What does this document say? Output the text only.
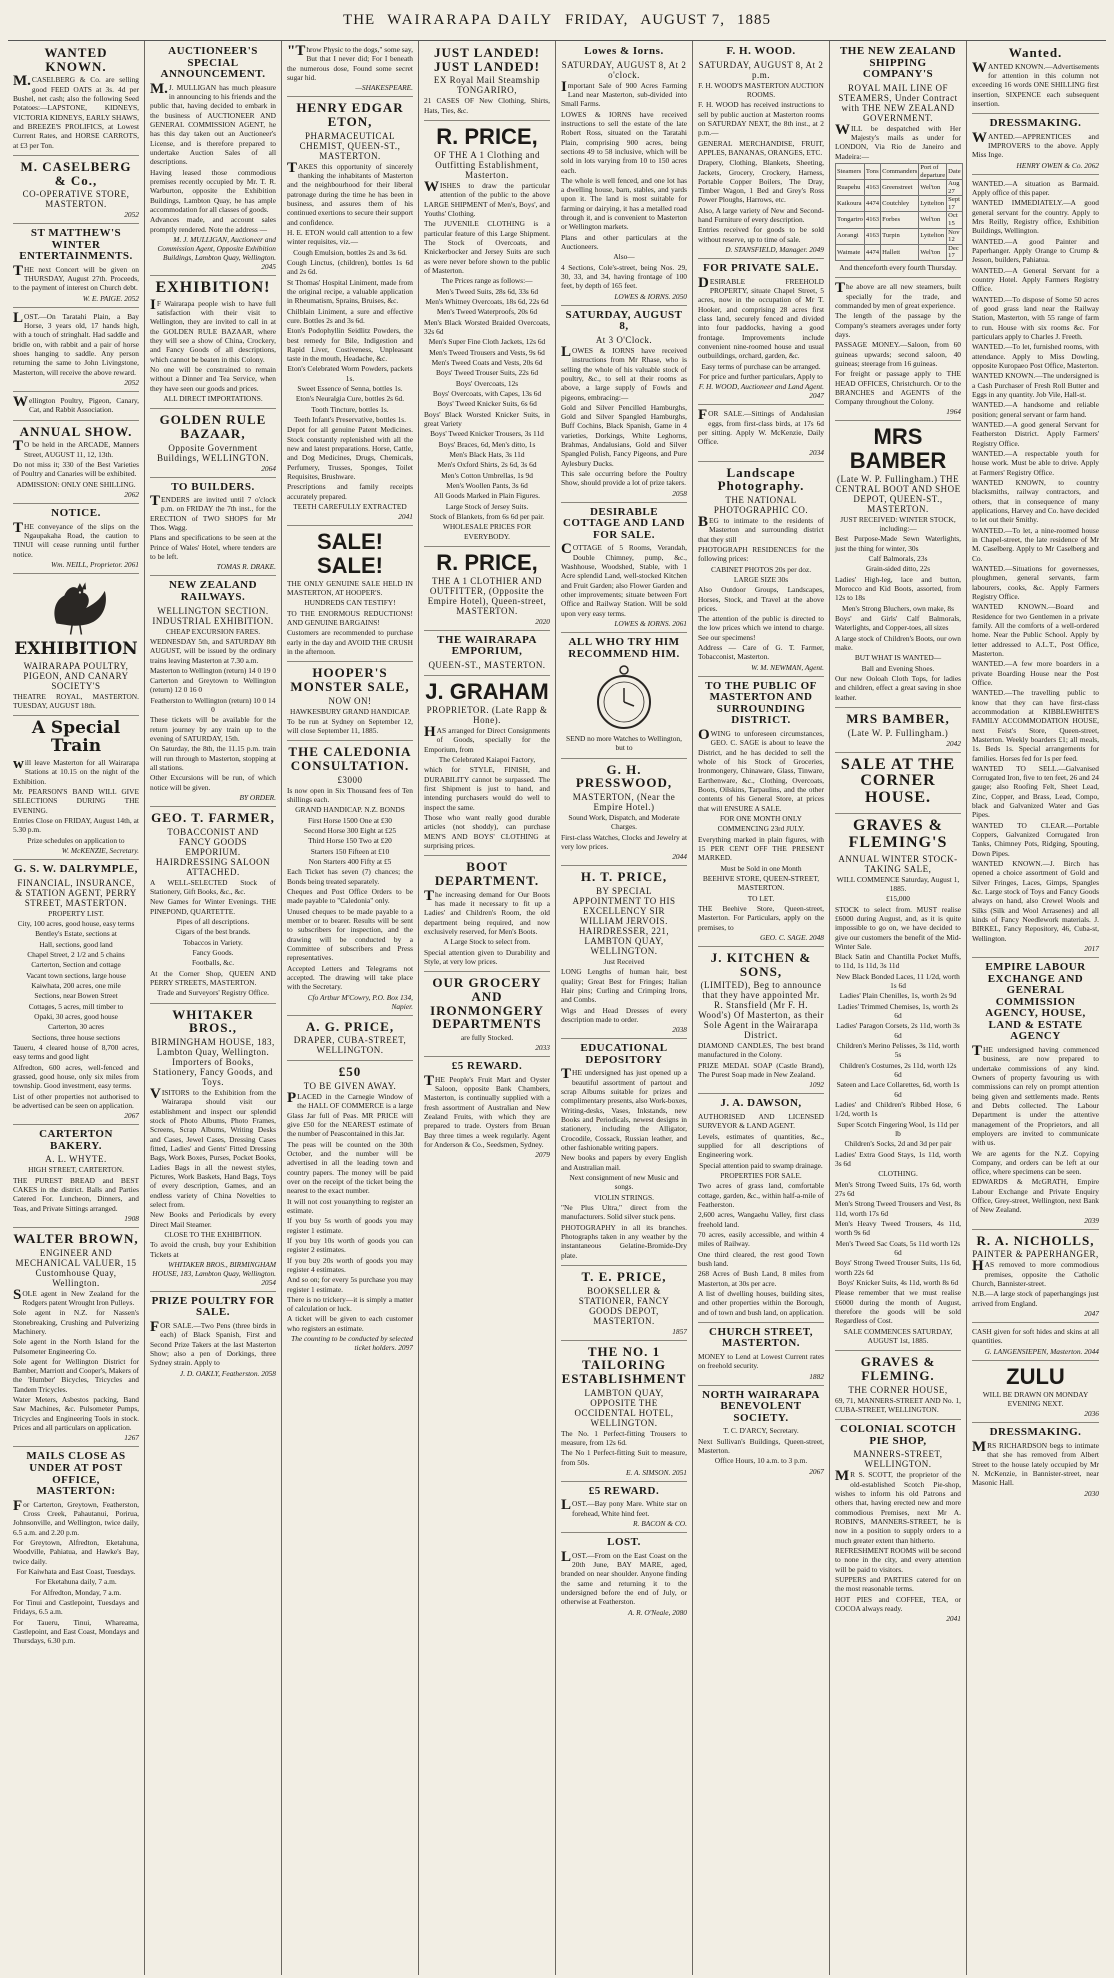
THE WAIRARAPA DAILY FRIDAY, AUGUST 7, 1885
WANTED KNOWN.

M.CASELBERG & Co. are selling good FEED OATS at 3s. 4d per Bushel, net cash; also the following Seed Potatoes:—LAPSTONE, KIDNEYS, VICTORIA KIDNEYS, EARLY SHAWS, and BREEZE'S PROLIFICS, at Lowest Current Rates, and HORSE CARROTS, at £3 per Ton.

M. CASELBERG & Co.,
CO-OPERATIVE STORE, MASTERTON.
2052
ST MATTHEW'S WINTER ENTERTAINMENTS.

THE next Concert will be given on THURSDAY, August 27th. Proceeds, to the payment of interest on Church debt.

W. E. PAIGE. 2052

LOST.—On Taratahi Plain, a Bay Horse, 3 years old, 17 hands high, with a touch of stringhalt. Had saddle and bridle on, with rabbit and a pair of horse shoes hanging to saddle. Any person returning the same to John Livingstone, Masterton, will receive the above reward.

2052

Wellington Poultry, Pigeon, Canary, Cat, and Rabbit Association.

ANNUAL SHOW.

TO be held in the ARCADE, Manners Street, AUGUST 11, 12, 13th.

Do not miss it; 330 of the Best Varieties of Poultry and Canaries will be exhibited.

ADMISSION: ONLY ONE SHILLING.

2062
NOTICE.

THE conveyance of the slips on the Ngaupakaha Road, the caution to TINUI will cease running until further notice.

Wm. NEILL, Proprietor. 2061
EXHIBITION
WAIRARAPA POULTRY, PIGEON, AND CANARY SOCIETY'S

THEATRE ROYAL, MASTERTON. TUESDAY, AUGUST 18th.

A Special Train

will leave Masterton for all Wairarapa Stations at 10.15 on the night of the Exhibition.

Mr. PEARSON'S BAND WILL GIVE SELECTIONS DURING THE EVENING.

Entries Close on FRIDAY, August 14th, at 5.30 p.m.

Prize schedules on application to

W. McKENZIE, Secretary.
G. S. W. DALRYMPLE,
FINANCIAL, INSURANCE, & STATION AGENT, PERRY STREET, MASTERTON.

PROPERTY LIST.

City, 100 acres, good house, easy terms

Bentley's Estate, sections at

Hall, sections, good land

Chapel Street, 2 1/2 and 5 chains

Carterton, Section and cottage

Vacant town sections, large house

Kaiwhata, 200 acres, one mile

Sections, near Bowen Street

Cottages, 5 acres, mill timber to

Opaki, 30 acres, good house

Carterton, 30 acres

Sections, three house sections

Taueru, 4 cleared house of 8,700 acres, easy terms and good light

Alfredton, 600 acres, well-fenced and grassed, good house, only six miles from township. Good investment, easy terms.

List of other properties not authorised to be advertised can be seen on application.

2067
CARTERTON BAKERY.
A. L. WHYTE.

HIGH STREET, CARTERTON.

THE PUREST BREAD and BEST CAKES in the district. Balls and Parties Catered For. Luncheon, Dinners, and Teas, and Private Sittings arranged.

1908
WALTER BROWN,
ENGINEER AND MECHANICAL VALUER, 15 Customhouse Quay, Wellington.

SOLE agent in New Zealand for the Rodgers patent Wrought Iron Pulleys.

Sole agent in N.Z. for Nassen's Stonebreaking, Crushing and Pulverizing Machinery.

Sole agent in the North Island for the Pulsometer Engineering Co.

Sole agent for Wellington District for Bamber, Marriott and Cooper's, Makers of the 'Humber' Bicycles, Tricycles and Tandem Tricycles.

Water Meters, Asbestos packing, Band Saw Machines, &c. Pulsometer Pumps, Tricycles and Engineering Tools in stock. Prices and all particulars on application.

1267
MAILS CLOSE AS UNDER AT POST OFFICE, MASTERTON:

For Carterton, Greytown, Featherston, Cross Creek, Pahautanui, Porirua, Johnsonville, and Wellington, twice daily, 6.5 a.m. and 2.20 p.m.

For Greytown, Alfredton, Eketahuna, Woodville, Pahiatua, and Hawke's Bay, twice daily.

For Kaiwhata and East Coast, Tuesdays.

For Eketahuna daily, 7 a.m.

For Alfredton, Monday, 7 a.m.

For Tinui and Castlepoint, Tuesdays and Fridays, 6.5 a.m.

For Taueru, Tinui, Whareama, Castlepoint, and East Coast, Mondays and Thursdays, 6.30 p.m.

AUCTIONEER'S SPECIAL ANNOUNCEMENT.

M.J. MULLIGAN has much pleasure in announcing to his friends and the public that, having decided to embark in the business of AUCTIONEER AND GENERAL COMMISSION AGENT, he has this day taken out an Auctioneer's License, and is therefore prepared to undertake Auction Sales of all descriptions.

Having leased those commodious premises recently occupied by Mr. T. R. Warburton, opposite the Exhibition Buildings, Lambton Quay, he has ample accommodation for all classes of goods.

Advances made, and account sales promptly rendered. Note the address —

M. J. MULLIGAN, Auctioneer and Commission Agent, Opposite Exhibition Buildings, Lambton Quay, Wellington. 2045
EXHIBITION!

IF Wairarapa people wish to have full satisfaction with their visit to Wellington, they are invited to call in at the GOLDEN RULE BAZAAR, where they will see a show of China, Crockery, and Fancy Goods of all descriptions, which cannot be beaten in this Colony.

No one will be constrained to remain without a Dinner and Tea Service, when they have seen our goods and prices.

ALL DIRECT IMPORTATIONS.

GOLDEN RULE BAZAAR,
Opposite Government Buildings, WELLINGTON.
2064
TO BUILDERS.

TENDERS are invited until 7 o'clock p.m. on FRIDAY the 7th inst., for the ERECTION of TWO SHOPS for Mr Thos. Wagg.

Plans and specifications to be seen at the Prince of Wales' Hotel, where tenders are to be left.

TOMAS R. DRAKE.
NEW ZEALAND RAILWAYS.
WELLINGTON SECTION. INDUSTRIAL EXHIBITION.

CHEAP EXCURSION FARES.

WEDNESDAY 5th, and SATURDAY 8th AUGUST, will be issued by the ordinary trains leaving Masterton at 7.30 a.m.

Masterton to Wellington (return) 14 0 19 0

Carterton and Greytown to Wellington (return) 12 0 16 0

Featherston to Wellington (return) 10 0 14 0

These tickets will be available for the return journey by any train up to the evening of SATURDAY, 15th.

On Saturday, the 8th, the 11.15 p.m. train will run through to Masterton, stopping at all stations.

Other Excursions will be run, of which notice will be given.

BY ORDER.
GEO. T. FARMER,
TOBACCONIST AND FANCY GOODS EMPORIUM. HAIRDRESSING SALOON ATTACHED.

A WELL-SELECTED Stock of Stationery, Gift Books, &c., &c.

New Games for Winter Evenings. THE PINEPOND, QUARTETTE.

Pipes of all descriptions.

Cigars of the best brands.

Tobaccos in Variety.

Fancy Goods.

Footballs, &c.

At the Corner Shop, QUEEN AND PERRY STREETS, MASTERTON.

Trade and Surveyors' Registry Office.

WHITAKER BROS.,
BIRMINGHAM HOUSE, 183, Lambton Quay, Wellington. Importers of Books, Stationery, Fancy Goods, and Toys.

VISITORS to the Exhibition from the Wairarapa should visit our establishment and inspect our splendid stock of Photo Albums, Photo Frames, Screens, Scrap Albums, Writing Desks and Cases, Jewel Cases, Dressing Cases fitted, Ladies' and Gents' Fitted Dressing Bags, Work Boxes, Purses, Pocket Books, Ladies Bags in all the newest styles, Pictures, Work Baskets, Hand Bags, Toys of every description, Games, and an endless variety of China Novelties to select from.

New Books and Periodicals by every Direct Mail Steamer.

CLOSE TO THE EXHIBITION.

To avoid the crush, buy your Exhibition Tickets at

WHITAKER BROS., BIRMINGHAM HOUSE, 183, Lambton Quay, Wellington. 2054
PRIZE POULTRY FOR SALE.

FOR SALE.—Two Pens (three birds in each) of Black Spanish, First and Second Prize Takers at the last Masterton Show; also a pen of Dorkings, three Sydney strain. Apply to

J. D. OAKLY, Featherston. 2058

"Throw Physic to the dogs," some say, But that I never did; For I beneath the numerous dose, Found some secret sugar hid.

—SHAKESPEARE.
HENRY EDGAR ETON,
PHARMACEUTICAL CHEMIST, QUEEN-ST., MASTERTON.

TAKES this opportunity of sincerely thanking the inhabitants of Masterton and the neighbourhood for their liberal patronage during the time he has been in business, and assures them of his continued exertions to secure their support and confidence.

H. E. ETON would call attention to a few winter requisites, viz.—

Cough Emulsion, bottles 2s and 3s 6d.

Cough Linctus, (children), bottles 1s 6d and 2s 6d.

St Thomas' Hospital Liniment, made from the original recipe, a valuable application in Rheumatism, Sprains, Bruises, &c.

Chilblain Liniment, a sure and effective cure. Bottles 2s and 3s 6d.

Eton's Podophyllin Seidlitz Powders, the best remedy for Bile, Indigestion and Rapid Liver, Costiveness, Unpleasant taste in the mouth, Headache, &c.

Eton's Celebrated Worm Powders, packets 1s.

Sweet Essence of Senna, bottles 1s.

Eton's Neuralgia Cure, bottles 2s 6d.

Tooth Tincture, bottles 1s.

Teeth Infant's Preservative, bottles 1s.

Depot for all genuine Patent Medicines. Stock constantly replenished with all the new and latest preparations. Horse, Cattle, and Dog Medicines, Drugs, Chemicals, Perfumery, Trusses, Sponges, Toilet Requisites, Brushware.

Prescriptions and family receipts accurately prepared.

TEETH CAREFULLY EXTRACTED

2041
SALE! SALE!

THE ONLY GENUINE SALE HELD IN MASTERTON, AT HOOPER'S.

HUNDREDS CAN TESTIFY!

TO THE ENORMOUS REDUCTIONS! AND GENUINE BARGAINS!

Customers are recommended to purchase early in the day and AVOID THE CRUSH in the afternoon.

HOOPER'S MONSTER SALE,
NOW ON!

HAWKESBURY GRAND HANDICAP.

To be run at Sydney on September 12, will close September 11, 1885.

THE CALEDONIA CONSULTATION.
£3000

Is now open in Six Thousand fees of Ten shillings each.

GRAND HANDICAP. N.Z. BONDS

First Horse 1500 One at £30

Second Horse 300 Eight at £25

Third Horse 150 Two at £20

Starters 150 Fifteen at £10

Non Starters 400 Fifty at £5

Each Ticket has seven (7) chances; the Bonds being treated separately.

Cheques and Post Office Orders to be made payable to "Caledonia" only.

Unused cheques to be made payable to a member or to bearer. Results will be sent to subscribers for inspection, and the drawing will be conducted by a Committee of subscribers and Press representatives.

Accepted Letters and Telegrams not accepted. The drawing will take place with the Secretary.

Cfo Arthur M'Cowry, P.O. Box 134, Napier.
A. G. PRICE,
DRAPER, CUBA-STREET, WELLINGTON.
£50
TO BE GIVEN AWAY.

PLACED in the Carnegie Window of the HALL OF COMMERCE is a large Glass Jar full of Peas. MR PRICE will give £50 for the NEAREST estimate of the number of Peascontained in this Jar.

The peas will be counted on the 30th October, and the number will be advertised in all the leading town and country papers. The money will be paid over on the receipt of the ticket being the nearest to the exact number.

It will not cost youanything to register an estimate.

If you buy 5s worth of goods you may register 1 estimate.

If you buy 10s worth of goods you can register 2 estimates.

If you buy 20s worth of goods you may register 4 estimates.

And so on; for every 5s purchase you may register 1 estimate.

There is no trickery—it is simply a matter of calculation or luck.

A ticket will be given to each customer who registers an estimate.

The counting to be conducted by selected ticket holders. 2097
JUST LANDED! JUST LANDED!
EX Royal Mail Steamship TONGARIRO,

21 CASES OF New Clothing, Shirts, Hats, Ties, &c.

R. PRICE,
OF THE A 1 Clothing and Outfitting Establishment, Masterton.

WISHES to draw the particular attention of the public to the above LARGE SHIPMENT of Men's, Boys', and Youths' Clothing.

The JUVENILE CLOTHING is a particular feature of this Large Shipment. The Stock of Overcoats, and Knickerbocker and Jersey Suits are such as were never before shown to the public of Masterton.

The Prices range as follows:—

Men's Tweed Suits, 28s 6d, 33s 6d

Men's Whitney Overcoats, 18s 6d, 22s 6d

Men's Tweed Waterproofs, 20s 6d

Men's Black Worsted Braided Overcoats, 32s 6d

Men's Super Fine Cloth Jackets, 12s 6d

Men's Tweed Trousers and Vests, 9s 6d

Men's Tweed Coats and Vests, 20s 6d

Boys' Tweed Trouser Suits, 22s 6d

Boys' Overcoats, 12s

Boys' Overcoats, with Capes, 13s 6d

Boys' Tweed Knicker Suits, 6s 6d

Boys' Black Worsted Knicker Suits, in great Variety

Boys' Tweed Knicker Trousers, 3s 11d

Boys' Braces, 6d, Men's ditto, 1s

Men's Black Hats, 3s 11d

Men's Oxford Shirts, 2s 6d, 3s 6d

Men's Cotton Umbrellas, 1s 9d

Men's Woollen Pants, 3s 6d

All Goods Marked in Plain Figures.

Large Stock of Jersey Suits.

Stock of Blankets, from 6s 6d per pair.

WHOLESALE PRICES FOR EVERYBODY.

R. PRICE,
THE A 1 CLOTHIER AND OUTFITTER, (Opposite the Empire Hotel), Queen-street, MASTERTON.
2020
THE WAIRARAPA EMPORIUM,
QUEEN-ST., MASTERTON.
J. GRAHAM
PROPRIETOR. (Late Rapp & Hone).

HAS arranged for Direct Consignments of Goods, specially for the Emporium, from

The Celebrated Kaiapoi Factory,

which for STYLE, FINISH, and DURABILITY cannot be surpassed. The first Shipment is just to hand, and intending purchasers would do well to inspect the same.

Those who want really good durable articles (not shoddy), can purchase MEN'S AND BOYS' CLOTHING at surprising prices.

BOOT DEPARTMENT.

The increasing demand for Our Boots has made it necessary to fit up a Ladies' and Children's Room, the old department being required, and now exclusively reserved, for Men's Boots.

A Large Stock to select from.

Special attention given to Durability and Style, at very low prices.

OUR GROCERY AND IRONMONGERY DEPARTMENTS

are fully Stocked.

2033
£5 REWARD.

THE People's Fruit Mart and Oyster Saloon, opposite Bank Chambers, Masterton, is continually supplied with a fresh assortment of Australian and New Zealand Fruits, with which they are prepared to trade. Oysters from Bruan Bay three times a week regularly. Agent for Anderson & Co., Seedsmen, Sydney.

2079
Lowes & Iorns.
SATURDAY, AUGUST 8, At 2 o'clock.

Important Sale of 900 Acres Farming Land near Masterton, sub-divided into Small Farms.

LOWES & IORNS have received instructions to sell the estate of the late Robert Ross, situated on the Taratahi Plain, comprising 900 acres, being sections 49 to 58 inclusive, which will be sold in lots varying from 10 to 150 acres each.

The whole is well fenced, and one lot has a dwelling house, barn, stables, and yards upon it. The land is most suitable for farming or dairying, it has a metalled road through it, and is convenient to Masterton or Wellington markets.

Plans and other particulars at the Auctioneers.

Also—

4 Sections, Cole's-street, being Nos. 29, 30, 33, and 34, having frontage of 100 feet, by depth of 165 feet.

LOWES & IORNS. 2050
SATURDAY, AUGUST 8,
At 3 O'Clock.

LOWES & IORNS have received instructions from Mr Rhase, who is selling the whole of his valuable stock of poultry, &c., to sell at their rooms as above, a large supply of Fowls and pigeons, embracing:—

Gold and Silver Pencilled Hamburghs, Gold and Silver Spangled Hamburghs, Buff Cochins, Black Spanish, Game in 4 varieties, Dorkings, White Leghorns, Brahmas, Andalusians, Gold and Silver Spangled Polish, Fancy Pigeons, and Pure Aylesbury Ducks.

This sale occurring before the Poultry Show, should provide a lot of prize takers.

2058
DESIRABLE COTTAGE AND LAND FOR SALE.

COTTAGE of 5 Rooms, Verandah, Double Chimney, pump, &c., Washhouse, Woodshed, Stable, with 1 Acre splendid Land, well-stocked Kitchen and Fruit Garden; also Flower Garden and other improvements; situate between Fort Office and Railway Station. Will be sold upon very easy terms.

LOWES & IORNS. 2061
ALL WHO TRY HIM RECOMMEND HIM.

SEND no more Watches to Wellington, but to

G. H. PRESSWOOD,
MASTERTON, (Near the Empire Hotel.)

Sound Work, Dispatch, and Moderate Charges.

First-class Watches, Clocks and Jewelry at very low prices.

2044
H. T. PRICE,
BY SPECIAL APPOINTMENT TO HIS EXCELLENCY SIR WILLIAM JERVOIS. HAIRDRESSER, 221, LAMBTON QUAY, WELLINGTON.

Just Received

LONG Lengths of human hair, best quality; Great Best for Fringes; Italian Hair pins; Curling and Crimping Irons, and Combs.

Wigs and Head Dresses of every description made to order.

2038
EDUCATIONAL DEPOSITORY

THE undersigned has just opened up a beautiful assortment of partout and scrap Albums suitable for prizes and complimentary presents, also Work-boxes, Writing-desks, Vases, Inkstands, new Books and Periodicals, newest designs in stationery, including the Alligator, Crocodile, Cossack, Russian leather, and other fashionable writing papers.

New books and papers by every English and Australian mail.

Next consignment of new Music and songs.

VIOLIN STRINGS.

"Ne Plus Ultra," direct from the manufacturers. Solid silver stuck pens.

PHOTOGRAPHY in all its branches. Photographs taken in any weather by the instantaneous Gelatine-Bromide-Dry plate.

T. E. PRICE,
BOOKSELLER & STATIONER, FANCY GOODS DEPOT, MASTERTON.
1857
THE NO. 1 TAILORING ESTABLISHMENT
LAMBTON QUAY, OPPOSITE THE OCCIDENTAL HOTEL, WELLINGTON.

The No. 1 Perfect-fitting Trousers to measure, from 12s 6d.

The No 1 Perfect-fitting Suit to measure, from 50s.

E. A. SIMSON. 2051
£5 REWARD.

LOST.—Bay pony Mare. White star on forehead, White hind feet.

R. BACON & CO.
LOST.

LOST.—From on the East Coast on the 20th June, BAY MARE, aged, branded on near shoulder. Anyone finding the same and returning it to the undersigned before the end of July, or otherwise at Featherston.

A. R. O'Neale, 2080
F. H. WOOD.
SATURDAY, AUGUST 8, At 2 p.m.

F. H. WOOD'S MASTERTON AUCTION ROOMS.

F. H. WOOD has received instructions to sell by public auction at Masterton rooms on SATURDAY NEXT, the 8th inst., at 2 p.m.—

GENERAL MERCHANDISE, FRUIT, APPLES, BANANAS, ORANGES, ETC.

Drapery, Clothing, Blankets, Sheeting, Jackets, Grocery, Crockery, Harness, Portable Copper Boilers, The Dray, Timber Wagon, 1 Bed and Grey's Ross Power Ploughs, Harrows, etc.

Also, A large variety of New and Second-hand Furniture of every description.

Entries received for goods to be sold without reserve, up to time of sale.

D. STANSFIELD, Manager. 2049
FOR PRIVATE SALE.

DESIRABLE FREEHOLD PROPERTY, situate Chapel Street, 5 acres, now in the occupation of Mr T. Hooker, and comprising 28 acres first class land, securely fenced and divided into four paddocks, having a good frontage. Improvements include convenient nine-roomed house and usual outbuildings, orchard, garden, &c.

Easy terms of purchase can be arranged.

For price and further particulars, Apply to

F. H. WOOD, Auctioneer and Land Agent. 2047

FOR SALE.—Sittings of Andalusian eggs, from first-class birds, at 17s 6d per sitting. Apply W. McKenzie, Daily Office.

2034
Landscape Photography.
THE NATIONAL PHOTOGRAPHIC CO.

BEG to intimate to the residents of Masterton and surrounding district that they still

PHOTOGRAPH RESIDENCES for the following prices:

CABINET PHOTOS 20s per doz.

LARGE SIZE 30s

Also Outdoor Groups, Landscapes, Horses, Stock, and Travel at the above prices.

The attention of the public is directed to the low prices which we intend to charge. See our specimens!

Address — Care of G. T. Farmer, Tobacconist, Masterton.

W. M. NEWMAN, Agent.
TO THE PUBLIC OF MASTERTON AND SURROUNDING DISTRICT.

OWING to unforeseen circumstances, GEO. C. SAGE is about to leave the District, and he has decided to sell the whole of his Stock of Groceries, Ironmongery, Chinaware, Glass, Tinware, Earthenware, &c., Clothing, Overcoats, Boots, Oilskins, Tarpaulins, and the other contents of his General Store, at prices that will ENSURE A SALE.

FOR ONE MONTH ONLY

COMMENCING 23rd JULY.

Everything marked in plain figures, with 15 PER CENT OFF THE PRESENT MARKED.

Must be Sold in one Month

BEEHIVE STORE, QUEEN-STREET, MASTERTON.

TO LET.

THE Beehive Store, Queen-street, Masterton. For Particulars, apply on the premises, to

GEO. C. SAGE. 2048
J. KITCHEN & SONS,
(LIMITED), Beg to announce that they have appointed Mr. R. Stansfield (Mr F. H. Wood's) Of Masterton, as their Sole Agent in the Wairarapa District.

DIAMOND CANDLES, The best brand manufactured in the Colony.

PRIZE MEDAL SOAP (Castle Brand), The Purest Soap made in New Zealand.

1092
J. A. DAWSON,

AUTHORISED AND LICENSED SURVEYOR & LAND AGENT.

Levels, estimates of quantities, &c., supplied for all descriptions of Engineering work.

Special attention paid to swamp drainage.

PROPERTIES FOR SALE.

Two acres of grass land, comfortable cottage, garden, &c., within half-a-mile of Featherston.

2,600 acres, Wangaehu Valley, first class freehold land.

70 acres, easily accessible, and within 4 miles of Railway.

One third cleared, the rest good Town bush land.

268 Acres of Bush Land, 8 miles from Masterton, at 30s per acre.

A list of dwelling houses, building sites, and other properties within the Borough, and of town and bush land, on application.

CHURCH STREET, MASTERTON.

MONEY to Lend at Lowest Current rates on freehold security.

1882
NORTH WAIRARAPA BENEVOLENT SOCIETY.

T. C. D'ARCY, Secretary.

Next Sullivan's Buildings, Queen-street, Masterton.

Office Hours, 10 a.m. to 3 p.m.

2067
THE NEW ZEALAND SHIPPING COMPANY'S
ROYAL MAIL LINE OF STEAMERS, Under Contract with THE NEW ZEALAND GOVERNMENT.

WILL be despatched with Her Majesty's mails as under for LONDON, Via Rio de Janeiro and Madeira:—

Steamers	Tons	Commanders	Port of departure	Date
Ruapehu	4163	Greenstreet	Wel'ton	Aug 27
Kaikoura	4474	Coutchley	Lyttelton	Sept 17
Tongariro	4163	Forbes	Wel'ton	Oct 15
Aorangi	4163	Turpin	Lyttelton	Nov 12
Waimate	4474	Hallett	Wel'ton	Dec 17

And thenceforth every fourth Thursday.

The above are all new steamers, built specially for the trade, and commanded by men of great experience.

The length of the passage by the Company's steamers averages under forty days.

PASSAGE MONEY.—Saloon, from 60 guineas upwards; second saloon, 40 guineas; steerage from 16 guineas.

For freight or passage apply to THE HEAD OFFICES, Christchurch. Or to the BRANCHES and AGENTS of the Company throughout the Colony.

1964
MRS BAMBER
(Late W. P. Fullingham.) THE CENTRAL BOOT AND SHOE DEPOT, QUEEN-ST., MASTERTON.

JUST RECEIVED: WINTER STOCK, including:—

Best Purpose-Made Sewn Waterlights, just the thing for winter, 30s

Calf Balmorals, 23s

Grain-sided ditto, 22s

Ladies' High-leg, lace and button, Morocco and Kid Boots, assorted, from 12s to 18s

Men's Strong Bluchers, own make, 8s

Boys' and Girls' Calf Balmorals, Waterlights, and Copper-toes, all sizes

A large stock of Children's Boots, our own make.

BUT WHAT IS WANTED—

Ball and Evening Shoes.

Our new Ooloah Cloth Tops, for ladies and children, effect a great saving in shoe leather.

MRS BAMBER,
(Late W. P. Fullingham.)
2042
SALE AT THE CORNER HOUSE.
GRAVES & FLEMING'S
ANNUAL WINTER STOCK-TAKING SALE,

WILL COMMENCE Saturday, August 1, 1885.

£15,000

STOCK to select from. MUST realise £6000 during August, and, as it is quite impossible to go on, we have decided to give our customers the benefit of the Mid-Winter Sale.

Black Satin and Chantilla Pocket Muffs, to 11d, 1s 11d, 3s 11d

New Black Bonded Laces, 11 1/2d, worth 1s 6d

Ladies' Plain Chenilles, 1s, worth 2s 9d

Ladies' Trimmed Chemises, 1s, worth 2s 6d

Ladies' Paragon Corsets, 2s 11d, worth 3s 6d

Children's Merino Pelisses, 3s 11d, worth 5s

Children's Costumes, 2s 11d, worth 12s 6d

Sateen and Lace Collarettes, 6d, worth 1s 6d

Ladies' and Children's Ribbed Hose, 6 1/2d, worth 1s

Super Scotch Fingering Wool, 1s 11d per lb

Children's Socks, 2d and 3d per pair

Ladies' Extra Good Stays, 1s 11d, worth 3s 6d

CLOTHING.

Men's Strong Tweed Suits, 17s 6d, worth 27s 6d

Men's Strong Tweed Trousers and Vest, 8s 11d, worth 17s 6d

Men's Heavy Tweed Trousers, 4s 11d, worth 9s 6d

Men's Tweed Sac Coats, 5s 11d worth 12s 6d

Boys' Strong Tweed Trouser Suits, 11s 6d, worth 22s 6d

Boys' Knicker Suits, 4s 11d, worth 8s 6d

Please remember that we must realise £6000 during the month of August, therefore the goods will be sold Regardless of Cost.

SALE COMMENCES SATURDAY, AUGUST 1st, 1885.

GRAVES & FLEMING.
THE CORNER HOUSE,

69, 71, MANNERS-STREET AND No. 1, CUBA-STREET, WELLINGTON.

COLONIAL SCOTCH PIE SHOP,
MANNERS-STREET, WELLINGTON.

MR S. SCOTT, the proprietor of the old-established Scotch Pie-shop, wishes to inform his old Patrons and others that, having erected new and more commodious Premises, next Mr A. ROBIN'S, MANNERS-STREET, he is now in a position to supply orders to a much greater extent than hitherto.

REFRESHMENT ROOMS will be second to none in the city, and every attention will be paid to visitors.

SUPPERS and PARTIES catered for on the most reasonable terms.

HOT PIES and COFFEE, TEA, or COCOA always ready.

2041
Wanted.

WANTED KNOWN.—Advertisements for attention in this column not exceeding 16 words ONE SHILLING first insertion, SIXPENCE each subsequent insertion.

DRESSMAKING.

WANTED.—APPRENTICES and IMPROVERS to the above. Apply Miss Inge.

HENRY OWEN & Co. 2062

WANTED.—A situation as Barmaid. Apply office of this paper.

WANTED IMMEDIATELY.—A good general servant for the country. Apply to Mrs Reilly, Registry office, Exhibition Buildings, Wellington.

WANTED.—A good Painter and Paperhanger. Apply Orange to Crump & Jesson, builders, Pahiatua.

WANTED.—A General Servant for a country Hotel. Apply Farmers Registry Office.

WANTED.—To dispose of Some 50 acres of good grass land near the Railway Station, Masterton, with 55 range of farm to run. House with six rooms &c. For particulars apply to Charles J. Freeth.

WANTED.—To let, furnished rooms, with attendance. Apply to Miss Dowling, opposite Kuropaeo Post Office, Masterton.

WANTED KNOWN.—The undersigned is a Cash Purchaser of Fresh Roll Butter and Eggs in any quantity. Job Vile, Hall-st.

WANTED.—A handsome and reliable position; general servant or farm hand.

WANTED.—A good general Servant for Featherston District. Apply Farmers' Registry Office.

WANTED.—A respectable youth for house work. Must be able to drive. Apply at Farmers' Registry Office.

WANTED KNOWN, to country blacksmiths, railway contractors, and others, that in consequence of many applications, Harvey and Co. have decided to let out their Smithy.

WANTED.—To let, a nine-roomed house in Chapel-street, the late residence of Mr M. Caselberg. Apply to Mr Caselberg and Co.

WANTED.—Situations for governesses, ploughmen, general servants, farm labourers, cooks, &c. Apply Farmers Registry Office.

WANTED KNOWN.—Board and Residence for two Gentlemen in a private family. All the comforts of a well-ordered home. Near the Public School. Apply by letter addressed to A.L.T., Post Office, Masterton.

WANTED.—A few more boarders in a private Boarding House near the Post Office.

WANTED.—The travelling public to know that they can have first-class accommodation at KIBBLEWHITE'S FAMILY ACCOMMODATION HOUSE, next Feist's Store, Queen-street, Masterton. Weekly boarders £1; all meals, 1s. Beds 1s. Special arrangements for families. Horses fed for 1s per feed.

WANTED TO SELL.—Galvanised Corrugated Iron, five to ten feet, 26 and 24 gauge; also Roofing Felt, Sheet Lead, Zinc, Copper, and Brass, Lead, Compo, black and Galvanized Water and Gas Pipes.

WANTED TO CLEAR.—Portable Coppers, Galvanized Corrugated Iron Tanks, Chimney Pots, Ridging, Spouting, Down Pipes.

WANTED KNOWN.—J. Birch has opened a choice assortment of Gold and Silver Fringes, Laces, Gimps, Spangles &c. Large stock of Toys and Fancy Goods always on hand, also Crewel Wools and Silks (Silk and Wool Arrasenes) and all kinds of Fancy Needlework materials. J. BIRKEL, Fancy Repository, 46, Cuba-st, Wellington.

2017
EMPIRE LABOUR EXCHANGE AND GENERAL COMMISSION AGENCY, HOUSE, LAND & ESTATE AGENCY

THE undersigned having commenced business, are now prepared to undertake commissions of any kind. Owners of property favouring us with commissions can rely on prompt attention being given and settlements made. Rents and Debts collected. The Labour Department is under the attentive management of the Proprietors, and all employers are invited to communicate with us.

We are agents for the N.Z. Copying Company, and orders can be left at our office, where specimens can be seen.

EDWARDS & McGRATH, Empire Labour Exchange and Private Enquiry Office, Grey-street, Wellington, next Bank of New Zealand.

2039
R. A. NICHOLLS,
PAINTER & PAPERHANGER,

HAS removed to more commodious premises, opposite the Catholic Church, Bannister-street.

N.B.—A large stock of paperhangings just arrived from England.

2047

CASH given for soft hides and skins at all quantities.

G. LANGENSIEPEN, Masterton. 2044
ZULU

WILL BE DRAWN ON MONDAY EVENING NEXT.

2036
DRESSMAKING.

MRS RICHARDSON begs to intimate that she has removed from Albert Street to the house lately occupied by Mr N. McKenzie, in Bannister-street, near Masonic Hall.

2030
